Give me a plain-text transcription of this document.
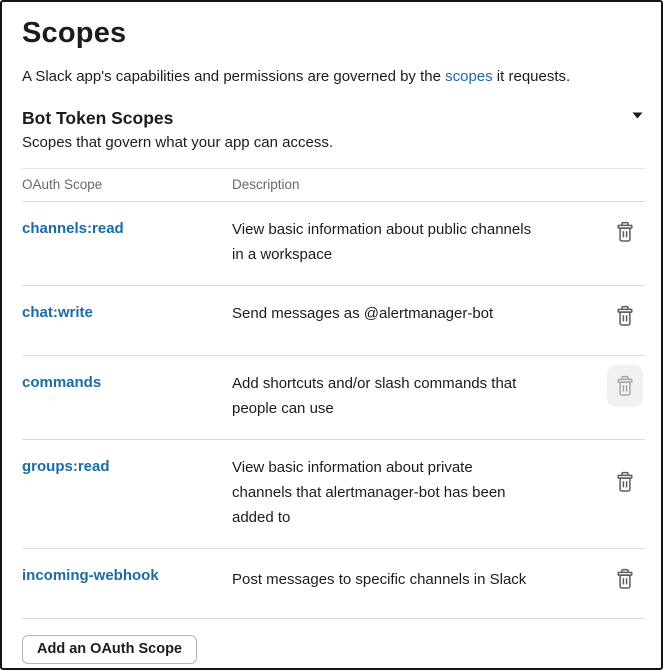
Scopes

A Slack app's capabilities and permissions are governed by the scopes it requests.

Bot Token Scopes

Scopes that govern what your app can access.

OAuth Scope	Description
channels:read	View basic information about public channels
in a workspace
chat:write	Send messages as @alertmanager-bot
commands	Add shortcuts and/or slash commands that
people can use
groups:read	View basic information about private
channels that alertmanager-bot has been
added to
incoming-webhook	Post messages to specific channels in Slack
Add an OAuth Scope
